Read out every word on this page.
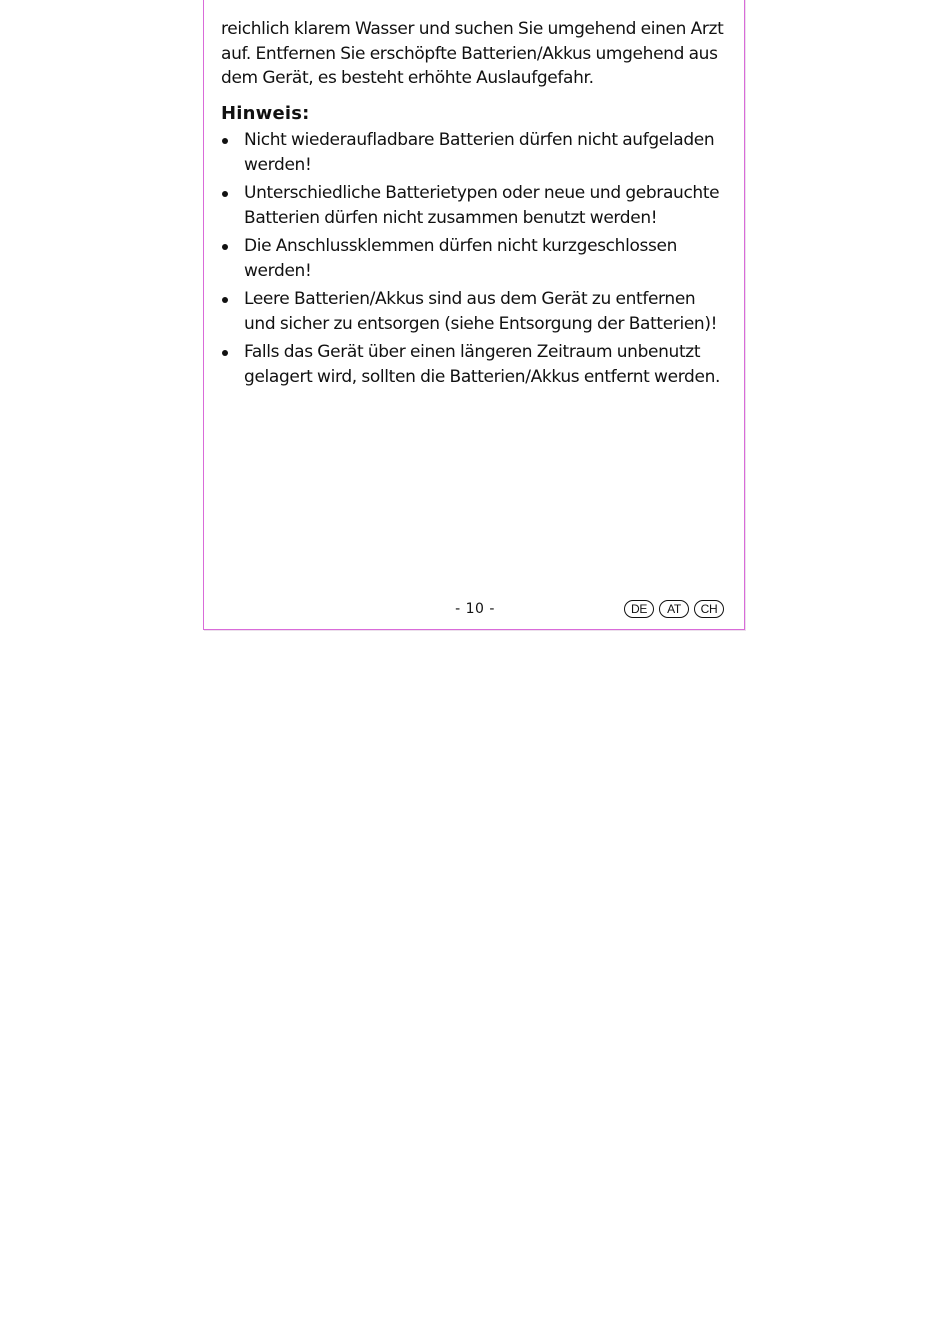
reichlich klarem Wasser und suchen Sie umgehend einen Arzt auf. Entfernen Sie erschöpfte Batterien/Akkus umgehend aus dem Gerät, es besteht erhöhte Auslaufgefahr.

Hinweis:
Nicht wiederaufladbare Batterien dürfen nicht aufgeladen werden!
Unterschiedliche Batterietypen oder neue und gebrauchte Batterien dürfen nicht zusammen benutzt werden!
Die Anschlussklemmen dürfen nicht kurzgeschlossen werden!
Leere Batterien/Akkus sind aus dem Gerät zu entfernen und sicher zu entsorgen (siehe Entsorgung der Batterien)!
Falls das Gerät über einen längeren Zeitraum unbenutzt gelagert wird, sollten die Batterien/Akkus entfernt werden.
- 10 -	DE	AT	CH
